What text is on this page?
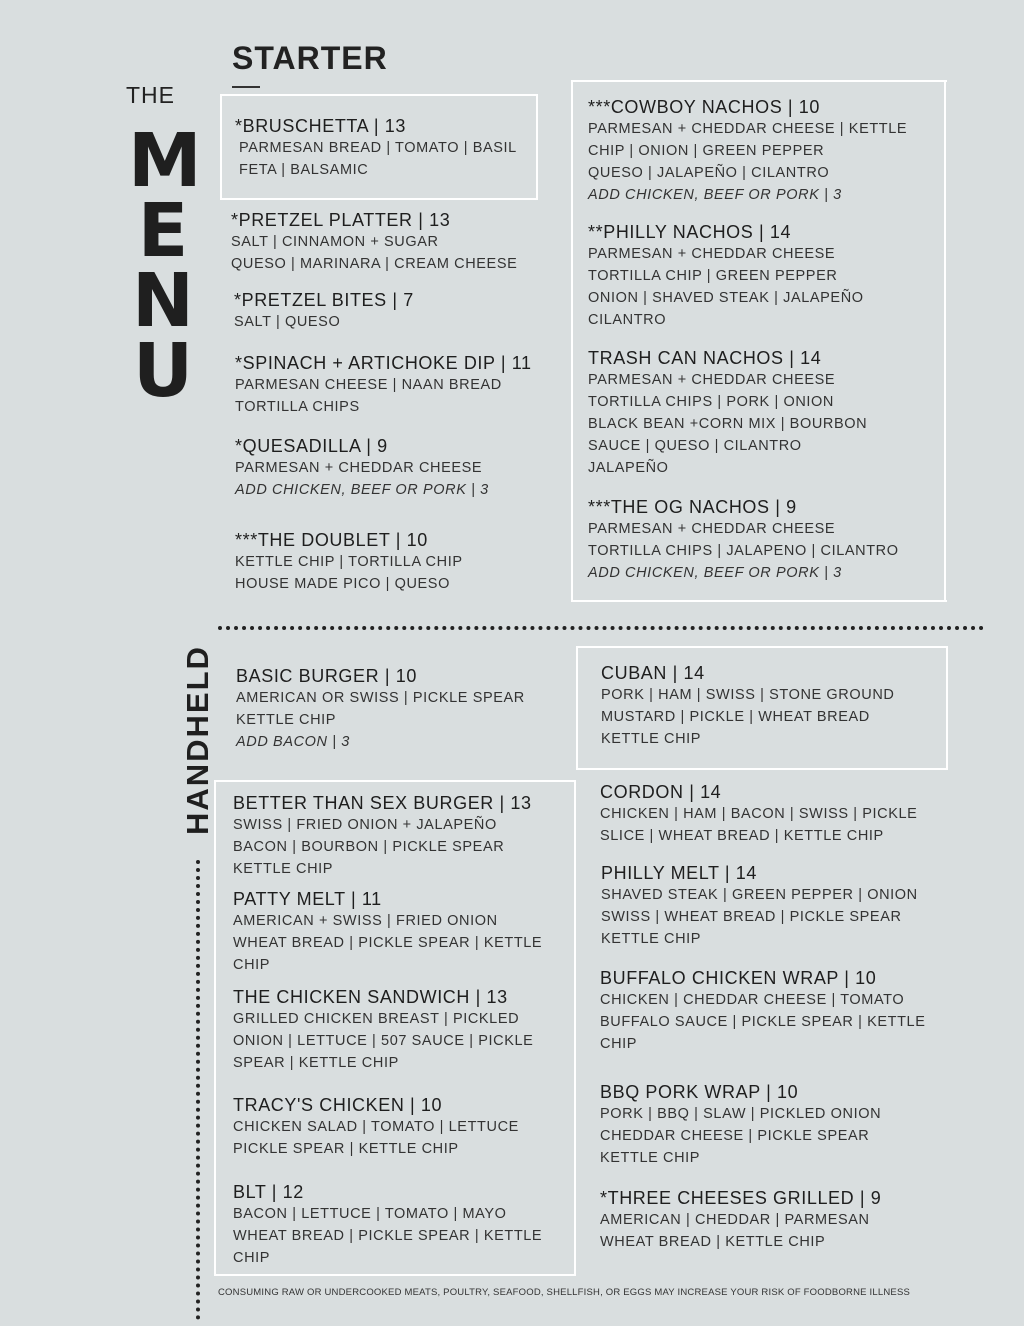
THE
M
E
N
U
STARTER
*BRUSCHETTA | 13
PARMESAN BREAD | TOMATO | BASIL
FETA | BALSAMIC
*PRETZEL PLATTER | 13
SALT | CINNAMON + SUGAR
QUESO | MARINARA | CREAM CHEESE
*PRETZEL BITES | 7
SALT | QUESO
*SPINACH + ARTICHOKE DIP | 11
PARMESAN CHEESE | NAAN BREAD
TORTILLA CHIPS
*QUESADILLA | 9
PARMESAN + CHEDDAR CHEESE
ADD CHICKEN, BEEF OR PORK | 3
***THE DOUBLET | 10
KETTLE CHIP | TORTILLA CHIP
HOUSE MADE PICO | QUESO
***COWBOY NACHOS | 10
PARMESAN + CHEDDAR CHEESE | KETTLE
CHIP | ONION | GREEN PEPPER
QUESO | JALAPEÑO | CILANTRO
ADD CHICKEN, BEEF OR PORK | 3
**PHILLY NACHOS | 14
PARMESAN + CHEDDAR CHEESE
TORTILLA CHIP | GREEN PEPPER
ONION | SHAVED STEAK | JALAPEÑO
CILANTRO
TRASH CAN NACHOS | 14
PARMESAN + CHEDDAR CHEESE
TORTILLA CHIPS | PORK | ONION
BLACK BEAN +CORN MIX | BOURBON
SAUCE | QUESO | CILANTRO
JALAPEÑO
***THE OG NACHOS | 9
PARMESAN + CHEDDAR CHEESE
TORTILLA CHIPS | JALAPENO | CILANTRO
ADD CHICKEN, BEEF OR PORK | 3
HANDHELD BASIC BURGER | 10
AMERICAN OR SWISS | PICKLE SPEAR
KETTLE CHIP
ADD BACON | 3
BETTER THAN SEX BURGER | 13
SWISS | FRIED ONION + JALAPEÑO
BACON | BOURBON | PICKLE SPEAR
KETTLE CHIP
PATTY MELT | 11
AMERICAN + SWISS | FRIED ONION
WHEAT BREAD | PICKLE SPEAR | KETTLE
CHIP
THE CHICKEN SANDWICH | 13
GRILLED CHICKEN BREAST | PICKLED
ONION | LETTUCE | 507 SAUCE | PICKLE
SPEAR | KETTLE CHIP
TRACY'S CHICKEN | 10
CHICKEN SALAD | TOMATO | LETTUCE
PICKLE SPEAR | KETTLE CHIP
BLT | 12
BACON | LETTUCE | TOMATO | MAYO
WHEAT BREAD | PICKLE SPEAR | KETTLE
CHIP
CUBAN | 14
PORK | HAM | SWISS | STONE GROUND
MUSTARD | PICKLE | WHEAT BREAD
KETTLE CHIP
CORDON | 14
CHICKEN | HAM | BACON | SWISS | PICKLE
SLICE | WHEAT BREAD | KETTLE CHIP
PHILLY MELT | 14
SHAVED STEAK | GREEN PEPPER | ONION
SWISS | WHEAT BREAD | PICKLE SPEAR
KETTLE CHIP
BUFFALO CHICKEN WRAP | 10
CHICKEN | CHEDDAR CHEESE | TOMATO
BUFFALO SAUCE | PICKLE SPEAR | KETTLE
CHIP
BBQ PORK WRAP | 10
PORK | BBQ | SLAW | PICKLED ONION
CHEDDAR CHEESE | PICKLE SPEAR
KETTLE CHIP
*THREE CHEESES GRILLED | 9
AMERICAN | CHEDDAR | PARMESAN
WHEAT BREAD | KETTLE CHIP
CONSUMING RAW OR UNDERCOOKED MEATS, POULTRY, SEAFOOD, SHELLFISH, OR EGGS MAY INCREASE YOUR RISK OF FOODBORNE ILLNESS
